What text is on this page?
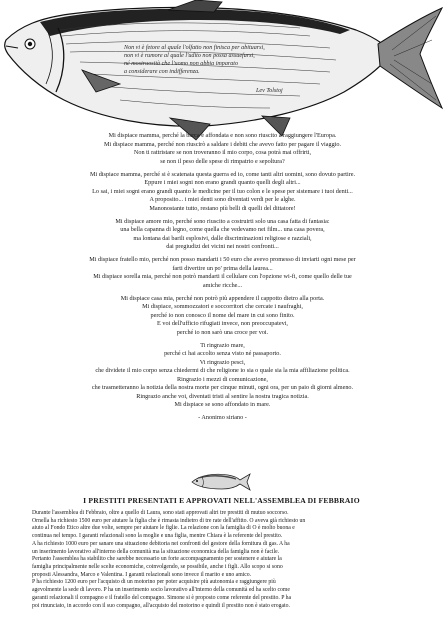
Non vi è fetore al quale l'olfatto non finisca per abituarsi,
non vi è rumore al quale l'udito non possa assuefarsi,
né mostruosità che l'uomo non abbia imparato
a considerare con indifferenza.
Lev Tolstoj
Mi dispiace mamma, perché la barca è affondata e non sono riuscito a raggiungere l'Europa.
Mi dispiace mamma, perché non riuscirò a saldare i debiti che avevo fatto per pagare il viaggio.
Non ti rattristare se non troveranno il mio corpo, cosa potrà mai offrirti,
se non il peso delle spese di rimpatrio e sepoltura?
Mi dispiace mamma, perché si è scatenata questa guerra ed io, come tanti altri uomini, sono dovuto partire.
Eppure i miei sogni non erano grandi quanto quelli degli altri...
Lo sai, i miei sogni erano grandi quanto le medicine per il tuo colon e le spese per sistemare i tuoi denti...
A proposito... i miei denti sono diventati verdi per le alghe.
Manonostante tutto, restano più belli di quelli del dittatore!
Mi dispiace amore mio, perché sono riuscito a costruirti solo una casa fatta di fantasia:
una bella capanna di legno, come quella che vedevamo nei film... una casa povera,
ma lontana dai barili esplosivi, dalle discriminazioni religiose e razziali,
dai pregiudizi dei vicini nei nostri confronti...
Mi dispiace fratello mio, perché non posso mandarti i 50 euro che avevo promesso di inviarti ogni mese per
farti divertire un po' prima della laurea...
Mi dispiace sorella mia, perché non potrò mandarti il cellulare con l'opzione wi-fi, come quello delle tue
amiche ricche...
Mi dispiace casa mia, perché non potrò più appendere il cappotto dietro alla porta.
Mi dispiace, sommozzatori e soccorritori che cercate i naufraghi,
perché io non conosco il nome del mare in cui sono finito.
E voi dell'ufficio rifugiati invece, non preoccupatevi,
perché io non sarò una croce per voi.
Ti ringrazio mare,
perché ci hai accolto senza visto né passaporto.
Vi ringrazio pesci,
che dividete il mio corpo senza chiedermi di che religione io sia o quale sia la mia affiliazione politica.
Ringrazio i mezzi di comunicazione,
che trasmetteranno la notizia della nostra morte per cinque minuti, ogni ora, per un paio di giorni almeno.
Ringrazio anche voi, diventati tristi al sentire la nostra tragica notizia.
Mi dispiace se sono affondato in mare.
- Anonimo siriano -
I PRESTITI PRESENTATI E APPROVATI NELL'ASSEMBLEA DI FEBBRAIO
Durante l'assemblea di Febbraio, oltre a quello di Laura, sono stati approvati altri tre prestiti di mutuo soccorso.
Ornella ha richiesto 1500 euro per aiutare la figlia che è rimasta indietro di tre rate dell'affitto. O aveva già richiesto un
aiuto al Fondo Etico altre due volte, sempre per aiutare le figlie. La relazione con la famiglia di O è molto buona e
continua nel tempo. I garanti relazionali sono la moglie e una figlia, mentre Chiara è la referente del prestito.
A ha richiesto 1000 euro per sanare una situazione debitoria nei confronti del gestore della fornitura di gas. A ha
un inserimento lavorativo all'interno della comunità ma la situazione economica della famiglia non è facile.
Pertanto l'assemblea ha stabilito che sarebbe necessario un forte accompagnamento per sostenere e aiutare la
famiglia principalmente nelle scelte economiche, coinvolgendo, se possibile, anche i figli. Allo scopo si sono
proposti Alessandra, Marco e Valentina. I garanti relazionali sono invece il marito e uno amico.
P ha richiesto 1200 euro per l'acquisto di un motorino per poter acquisire più autonomia e raggiungere più
agevolmente la sede di lavoro. P ha un inserimento socio lavorativo all'interno della comunità ed ha scelto come
garanti relazionali il compagno e il fratello del compagno. Simone si è proposto come referente del prestito. P ha
poi rinunciato, in accordo con il suo compagno, all'acquisto del motorino e quindi il prestito non è stato erogato.
